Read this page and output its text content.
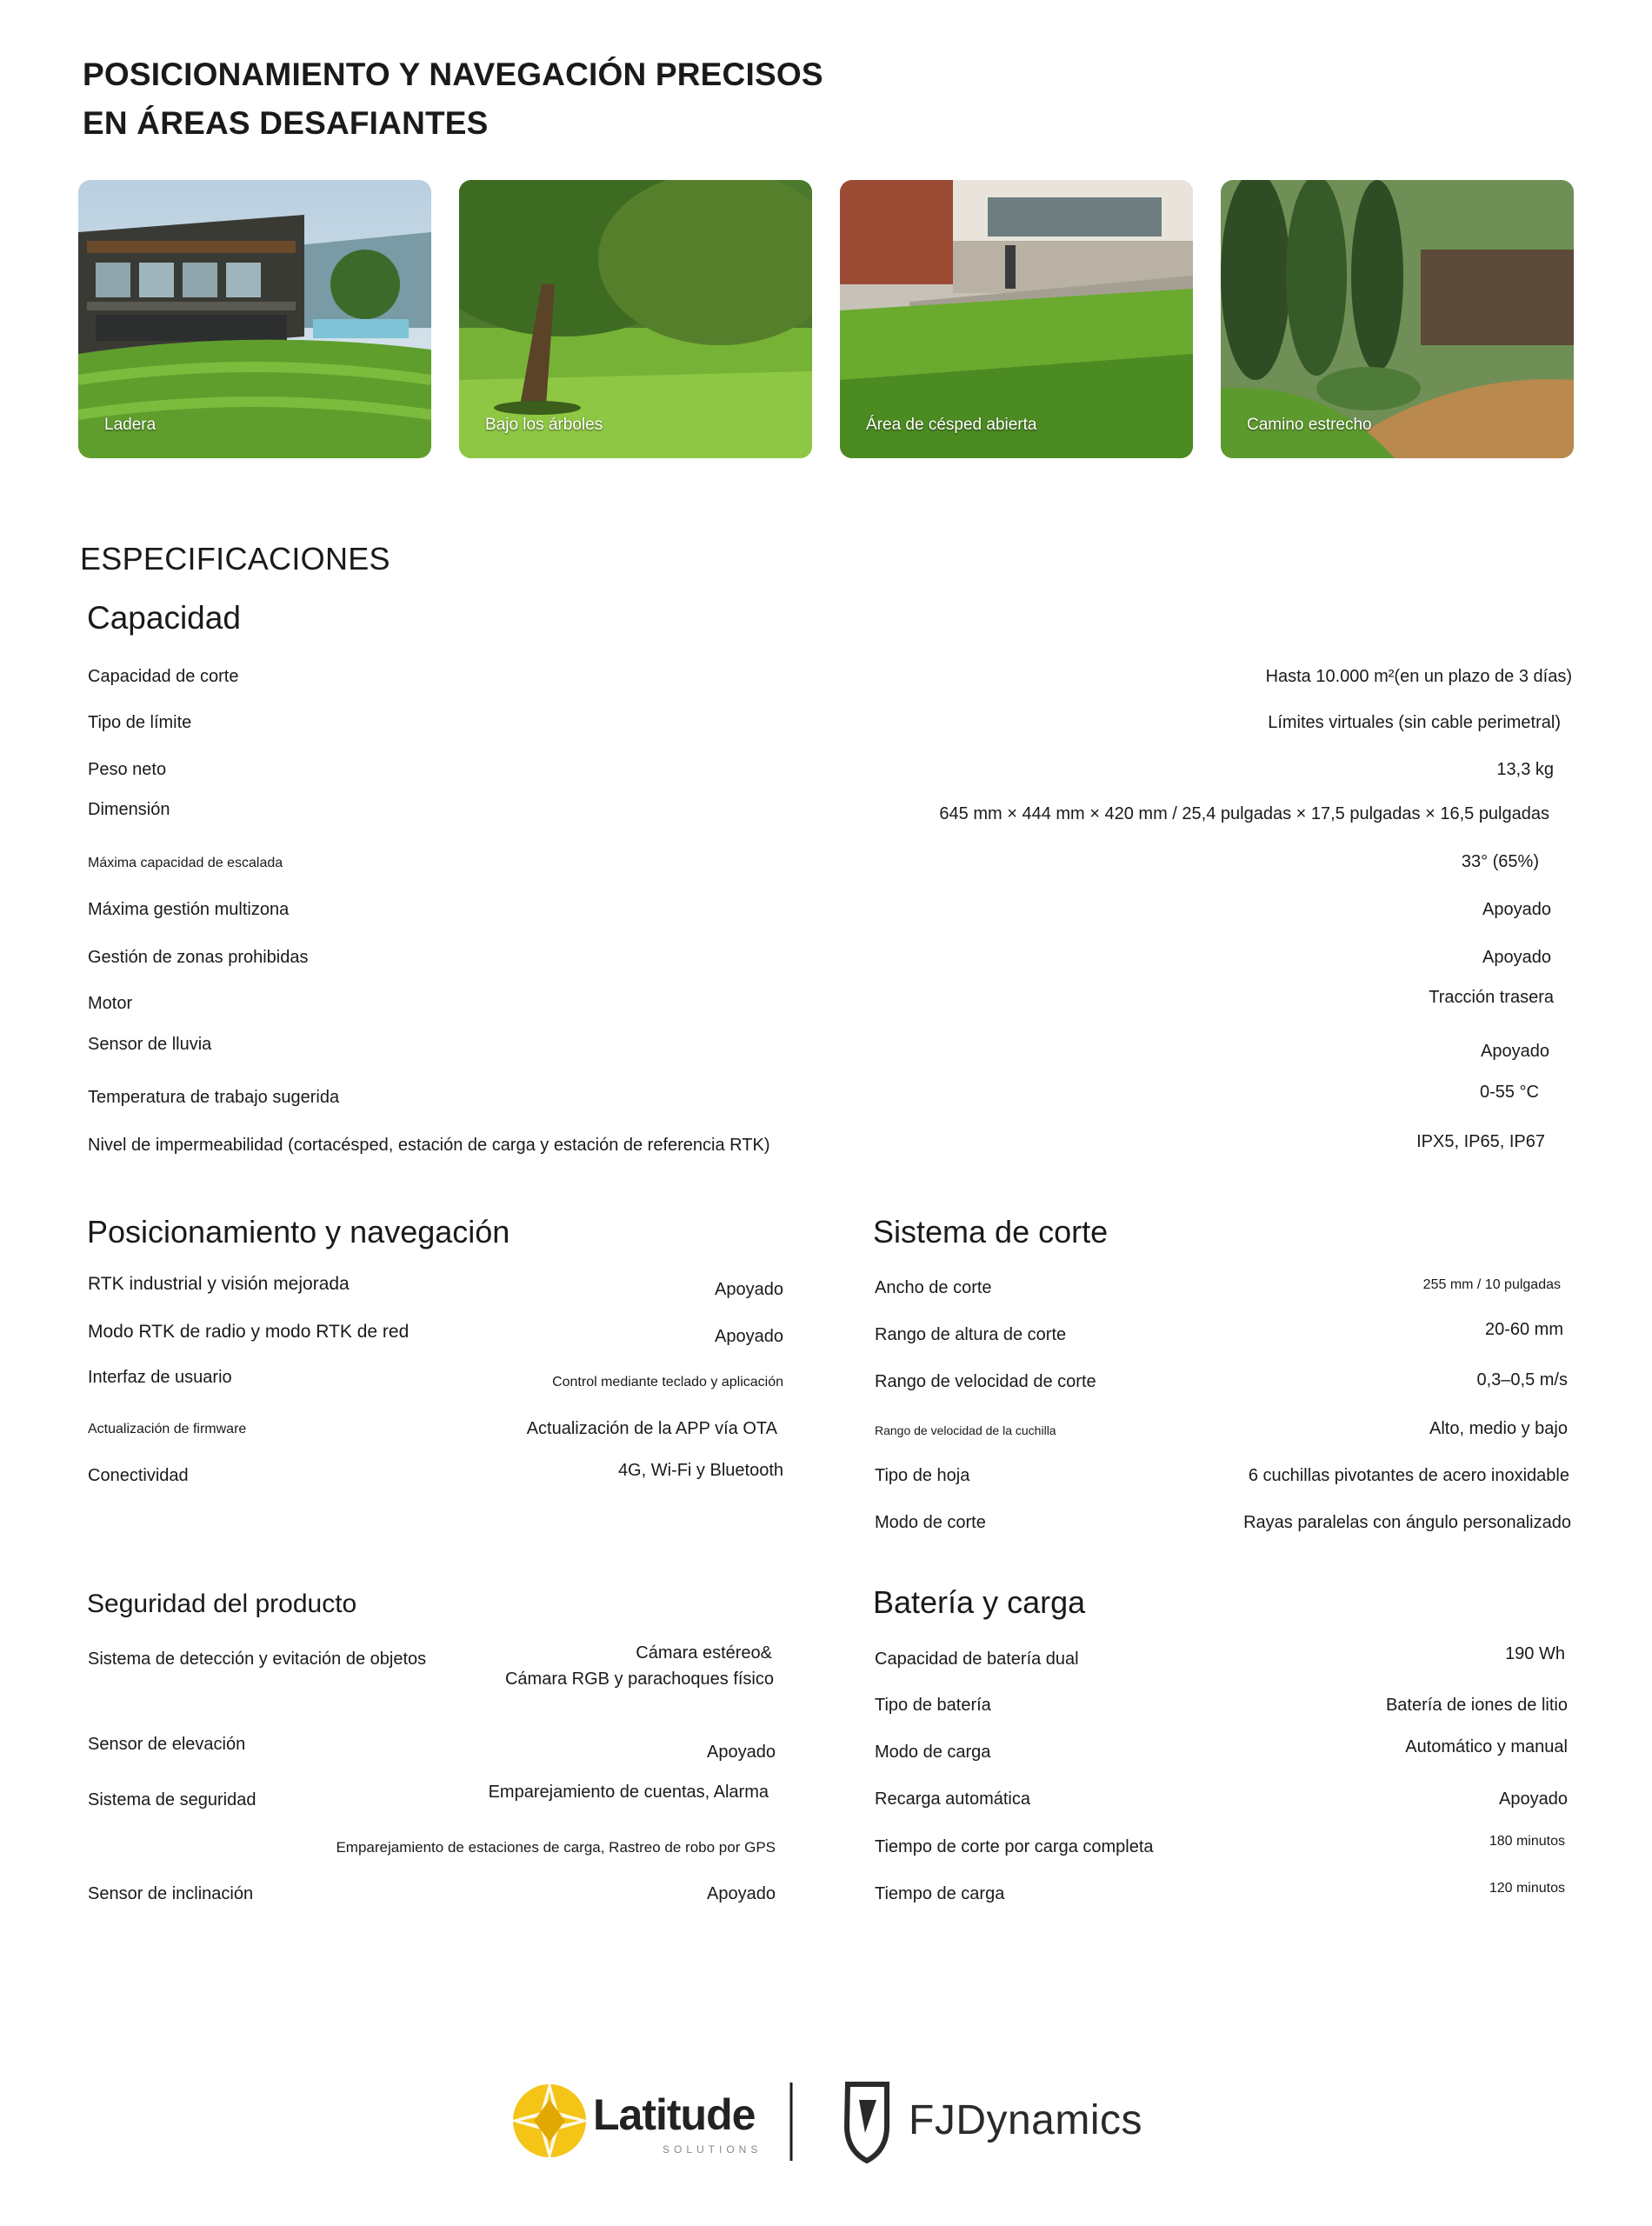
POSICIONAMIENTO Y NAVEGACIÓN PRECISOS
EN ÁREAS DESAFIANTES
Ladera	Bajo los árboles	Área de césped abierta	Camino estrecho
ESPECIFICACIONES
Capacidad
Capacidad de corte	Hasta 10.000 m²(en un plazo de 3 días)
Tipo de límite	Límites virtuales (sin cable perimetral)
Peso neto	13,3 kg
Dimensión	645 mm × 444 mm × 420 mm / 25,4 pulgadas × 17,5 pulgadas × 16,5 pulgadas
Máxima capacidad de escalada	33° (65%)
Máxima gestión multizona	Apoyado
Gestión de zonas prohibidas	Apoyado
Motor	Tracción trasera
Sensor de lluvia	Apoyado
Temperatura de trabajo sugerida	0-55 °C
Nivel de impermeabilidad (cortacésped, estación de carga y estación de referencia RTK)	IPX5, IP65, IP67
Posicionamiento y navegación
RTK industrial y visión mejorada	Apoyado
Modo RTK de radio y modo RTK de red	Apoyado
Interfaz de usuario	Control mediante teclado y aplicación
Actualización de firmware	Actualización de la APP vía OTA
Conectividad	4G, Wi-Fi y Bluetooth
Sistema de corte
Ancho de corte	255 mm / 10 pulgadas
Rango de altura de corte	20-60 mm
Rango de velocidad de corte	0,3–0,5 m/s
Rango de velocidad de la cuchilla	Alto, medio y bajo
Tipo de hoja	6 cuchillas pivotantes de acero inoxidable
Modo de corte	Rayas paralelas con ángulo personalizado
Seguridad del producto
Sistema de detección y evitación de objetos	Cámara estéreo&
Cámara RGB y parachoques físico
Sensor de elevación	Apoyado
Sistema de seguridad	Emparejamiento de cuentas, Alarma
Emparejamiento de estaciones de carga, Rastreo de robo por GPS
Sensor de inclinación	Apoyado
Batería y carga
Capacidad de batería dual	190 Wh
Tipo de batería	Batería de iones de litio
Modo de carga	Automático y manual
Recarga automática	Apoyado
Tiempo de corte por carga completa	180 minutos
Tiempo de carga	120 minutos
Latitude
SOLUTIONS
FJDynamics
